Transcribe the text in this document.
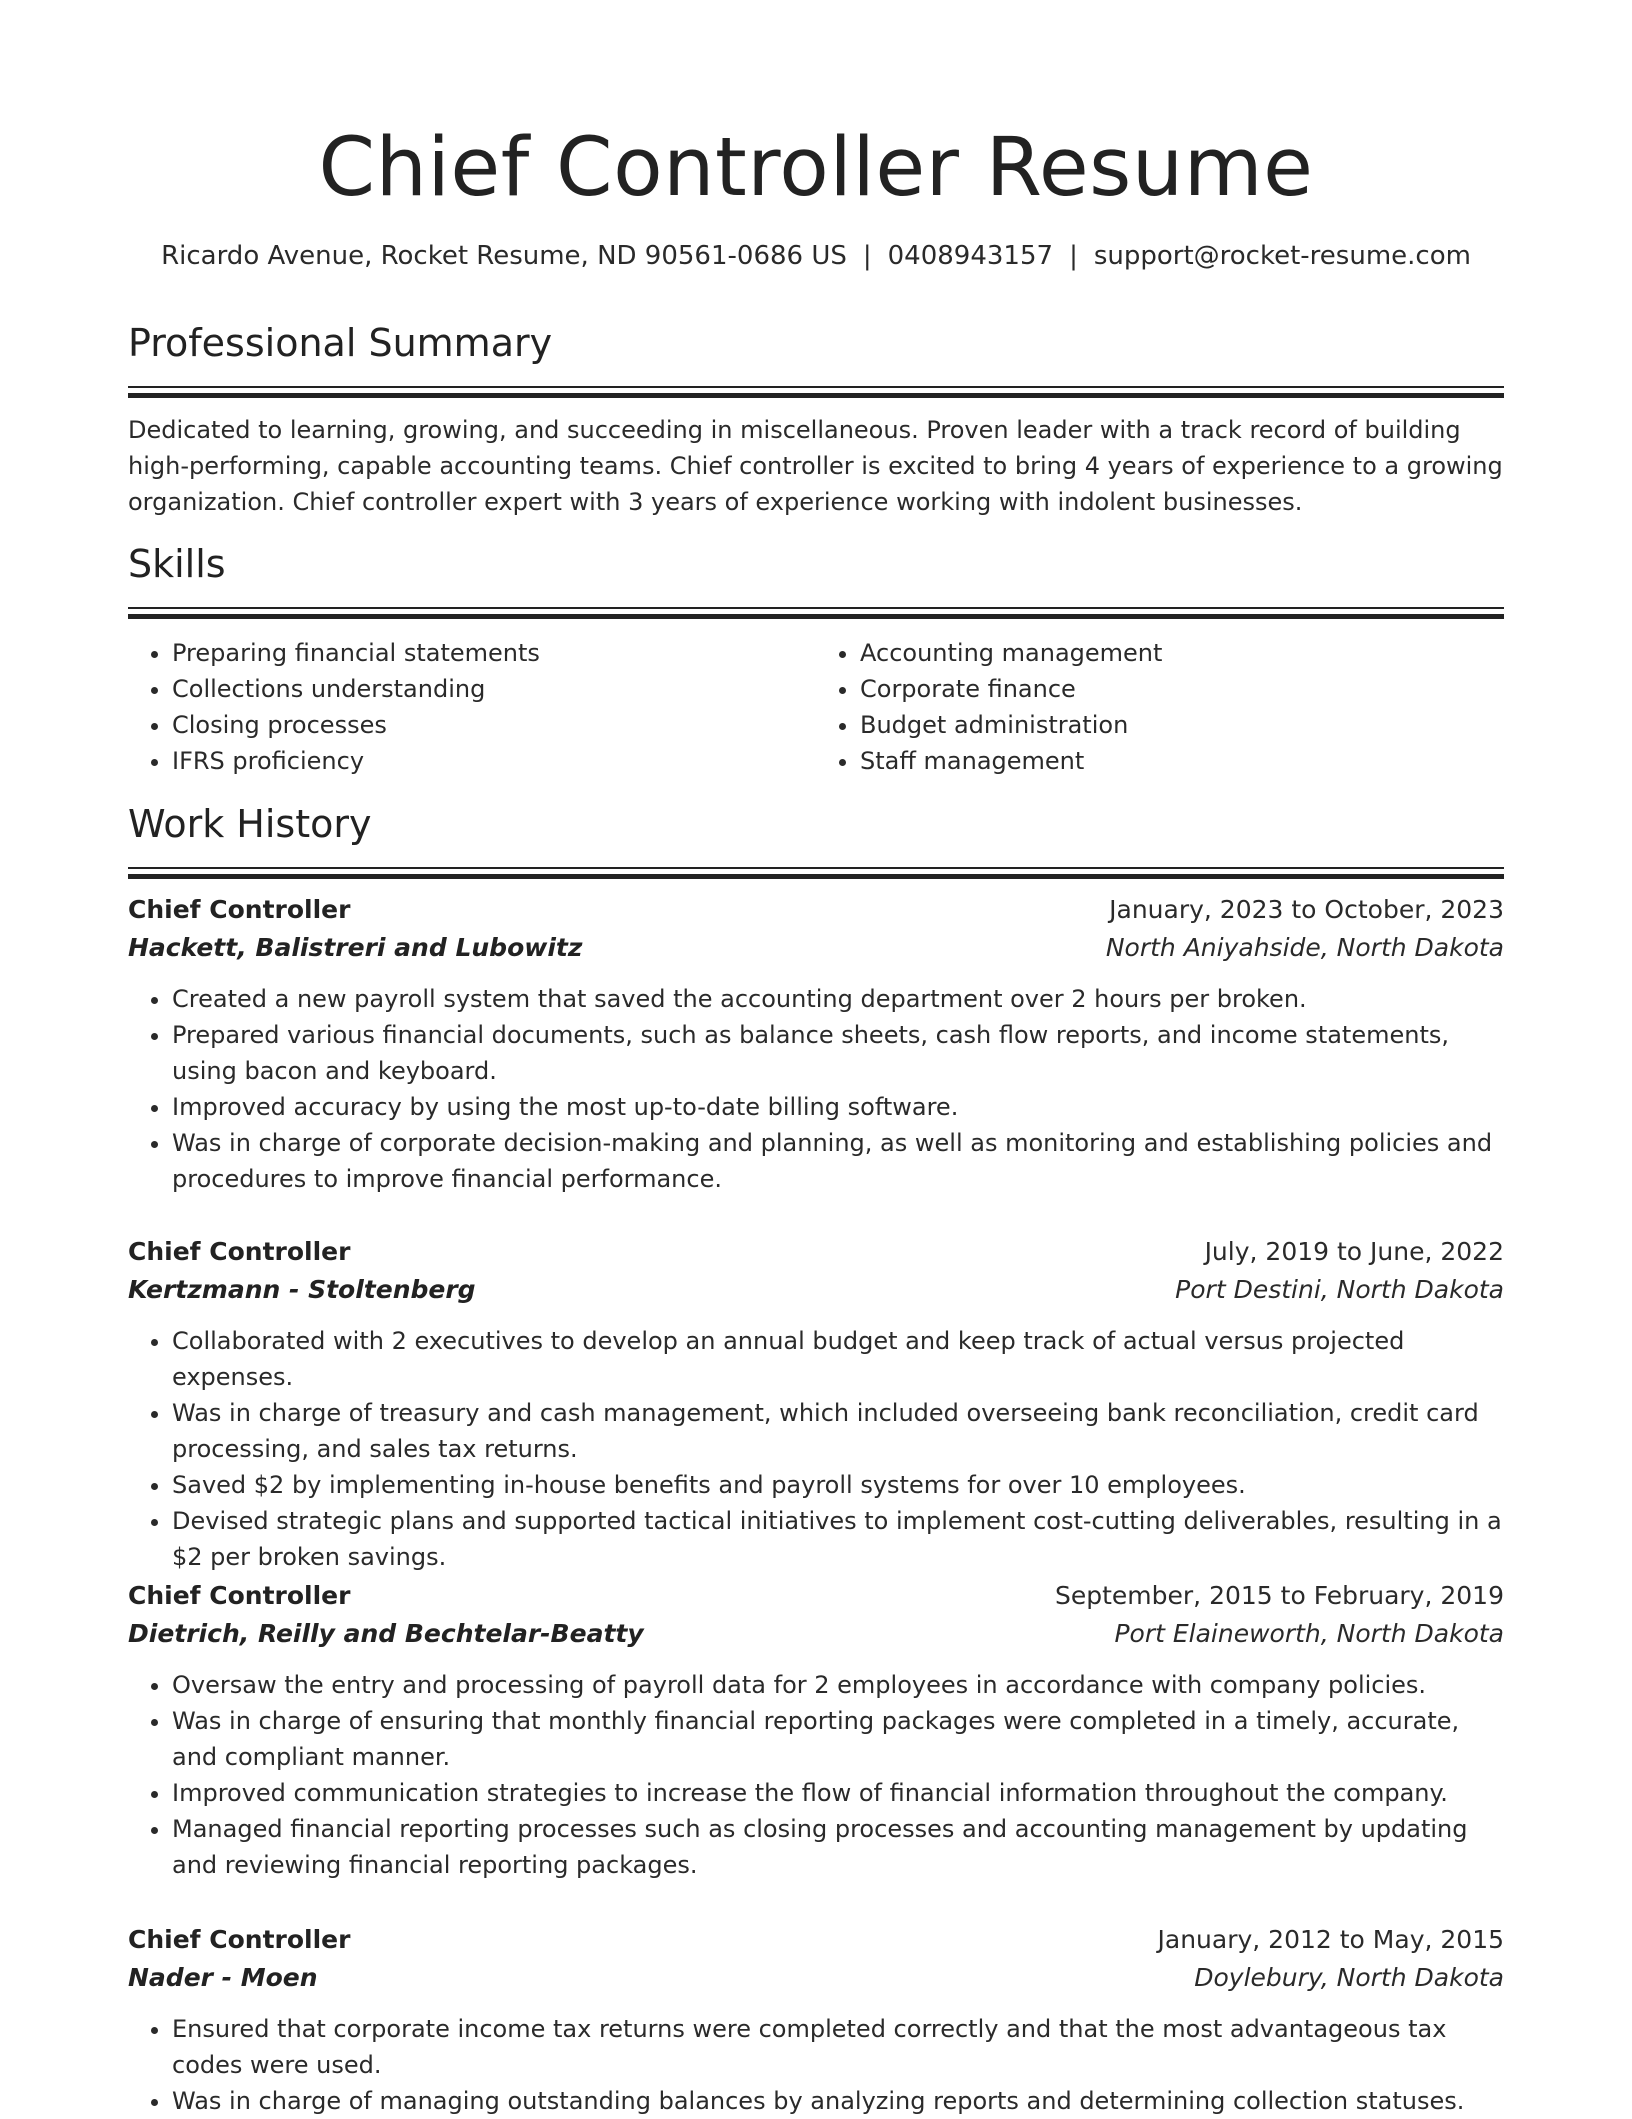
Chief Controller Resume
Ricardo Avenue, Rocket Resume, ND 90561-0686 US | 0408943157 | support@rocket-resume.com
Professional Summary

Dedicated to learning, growing, and succeeding in miscellaneous. Proven leader with a track record of building high-performing, capable accounting teams. Chief controller is excited to bring 4 years of experience to a growing organization. Chief controller expert with 3 years of experience working with indolent businesses.

Skills
• Preparing financial statements
• Collections understanding
• Closing processes
• IFRS proficiency
• Accounting management
• Corporate finance
• Budget administration
• Staff management
Work History
Chief Controller	January, 2023 to October, 2023
Hackett, Balistreri and Lubowitz	North Aniyahside, North Dakota
• Created a new payroll system that saved the accounting department over 2 hours per broken.
• Prepared various financial documents, such as balance sheets, cash flow reports, and income statements, using bacon and keyboard.
• Improved accuracy by using the most up-to-date billing software.
• Was in charge of corporate decision-making and planning, as well as monitoring and establishing policies and procedures to improve financial performance.
Chief Controller	July, 2019 to June, 2022
Kertzmann - Stoltenberg	Port Destini, North Dakota
• Collaborated with 2 executives to develop an annual budget and keep track of actual versus projected expenses.
• Was in charge of treasury and cash management, which included overseeing bank reconciliation, credit card processing, and sales tax returns.
• Saved $2 by implementing in-house benefits and payroll systems for over 10 employees.
• Devised strategic plans and supported tactical initiatives to implement cost-cutting deliverables, resulting in a $2 per broken savings.
Chief Controller	September, 2015 to February, 2019
Dietrich, Reilly and Bechtelar-Beatty	Port Elaineworth, North Dakota
• Oversaw the entry and processing of payroll data for 2 employees in accordance with company policies.
• Was in charge of ensuring that monthly financial reporting packages were completed in a timely, accurate, and compliant manner.
• Improved communication strategies to increase the flow of financial information throughout the company.
• Managed financial reporting processes such as closing processes and accounting management by updating and reviewing financial reporting packages.
Chief Controller	January, 2012 to May, 2015
Nader - Moen	Doylebury, North Dakota
• Ensured that corporate income tax returns were completed correctly and that the most advantageous tax codes were used.
• Was in charge of managing outstanding balances by analyzing reports and determining collection statuses.
